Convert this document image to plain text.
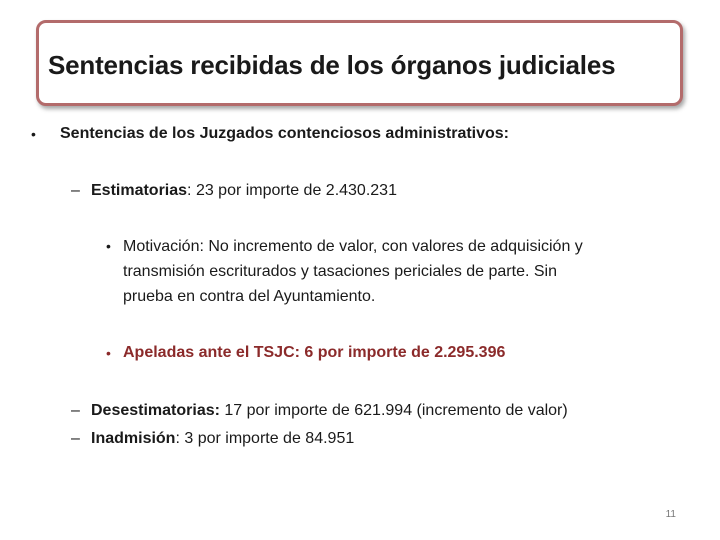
Sentencias recibidas de los órganos judiciales
• Sentencias de los Juzgados contenciosos administrativos:
– Estimatorias: 23 por importe de 2.430.231
• Motivación: No incremento de valor, con valores de adquisición y
transmisión escriturados y tasaciones periciales de parte. Sin
prueba en contra del Ayuntamiento.
• Apeladas ante el TSJC: 6 por importe de 2.295.396
– Desestimatorias: 17 por importe de 621.994 (incremento de valor)
– Inadmisión: 3 por importe de 84.951
11
